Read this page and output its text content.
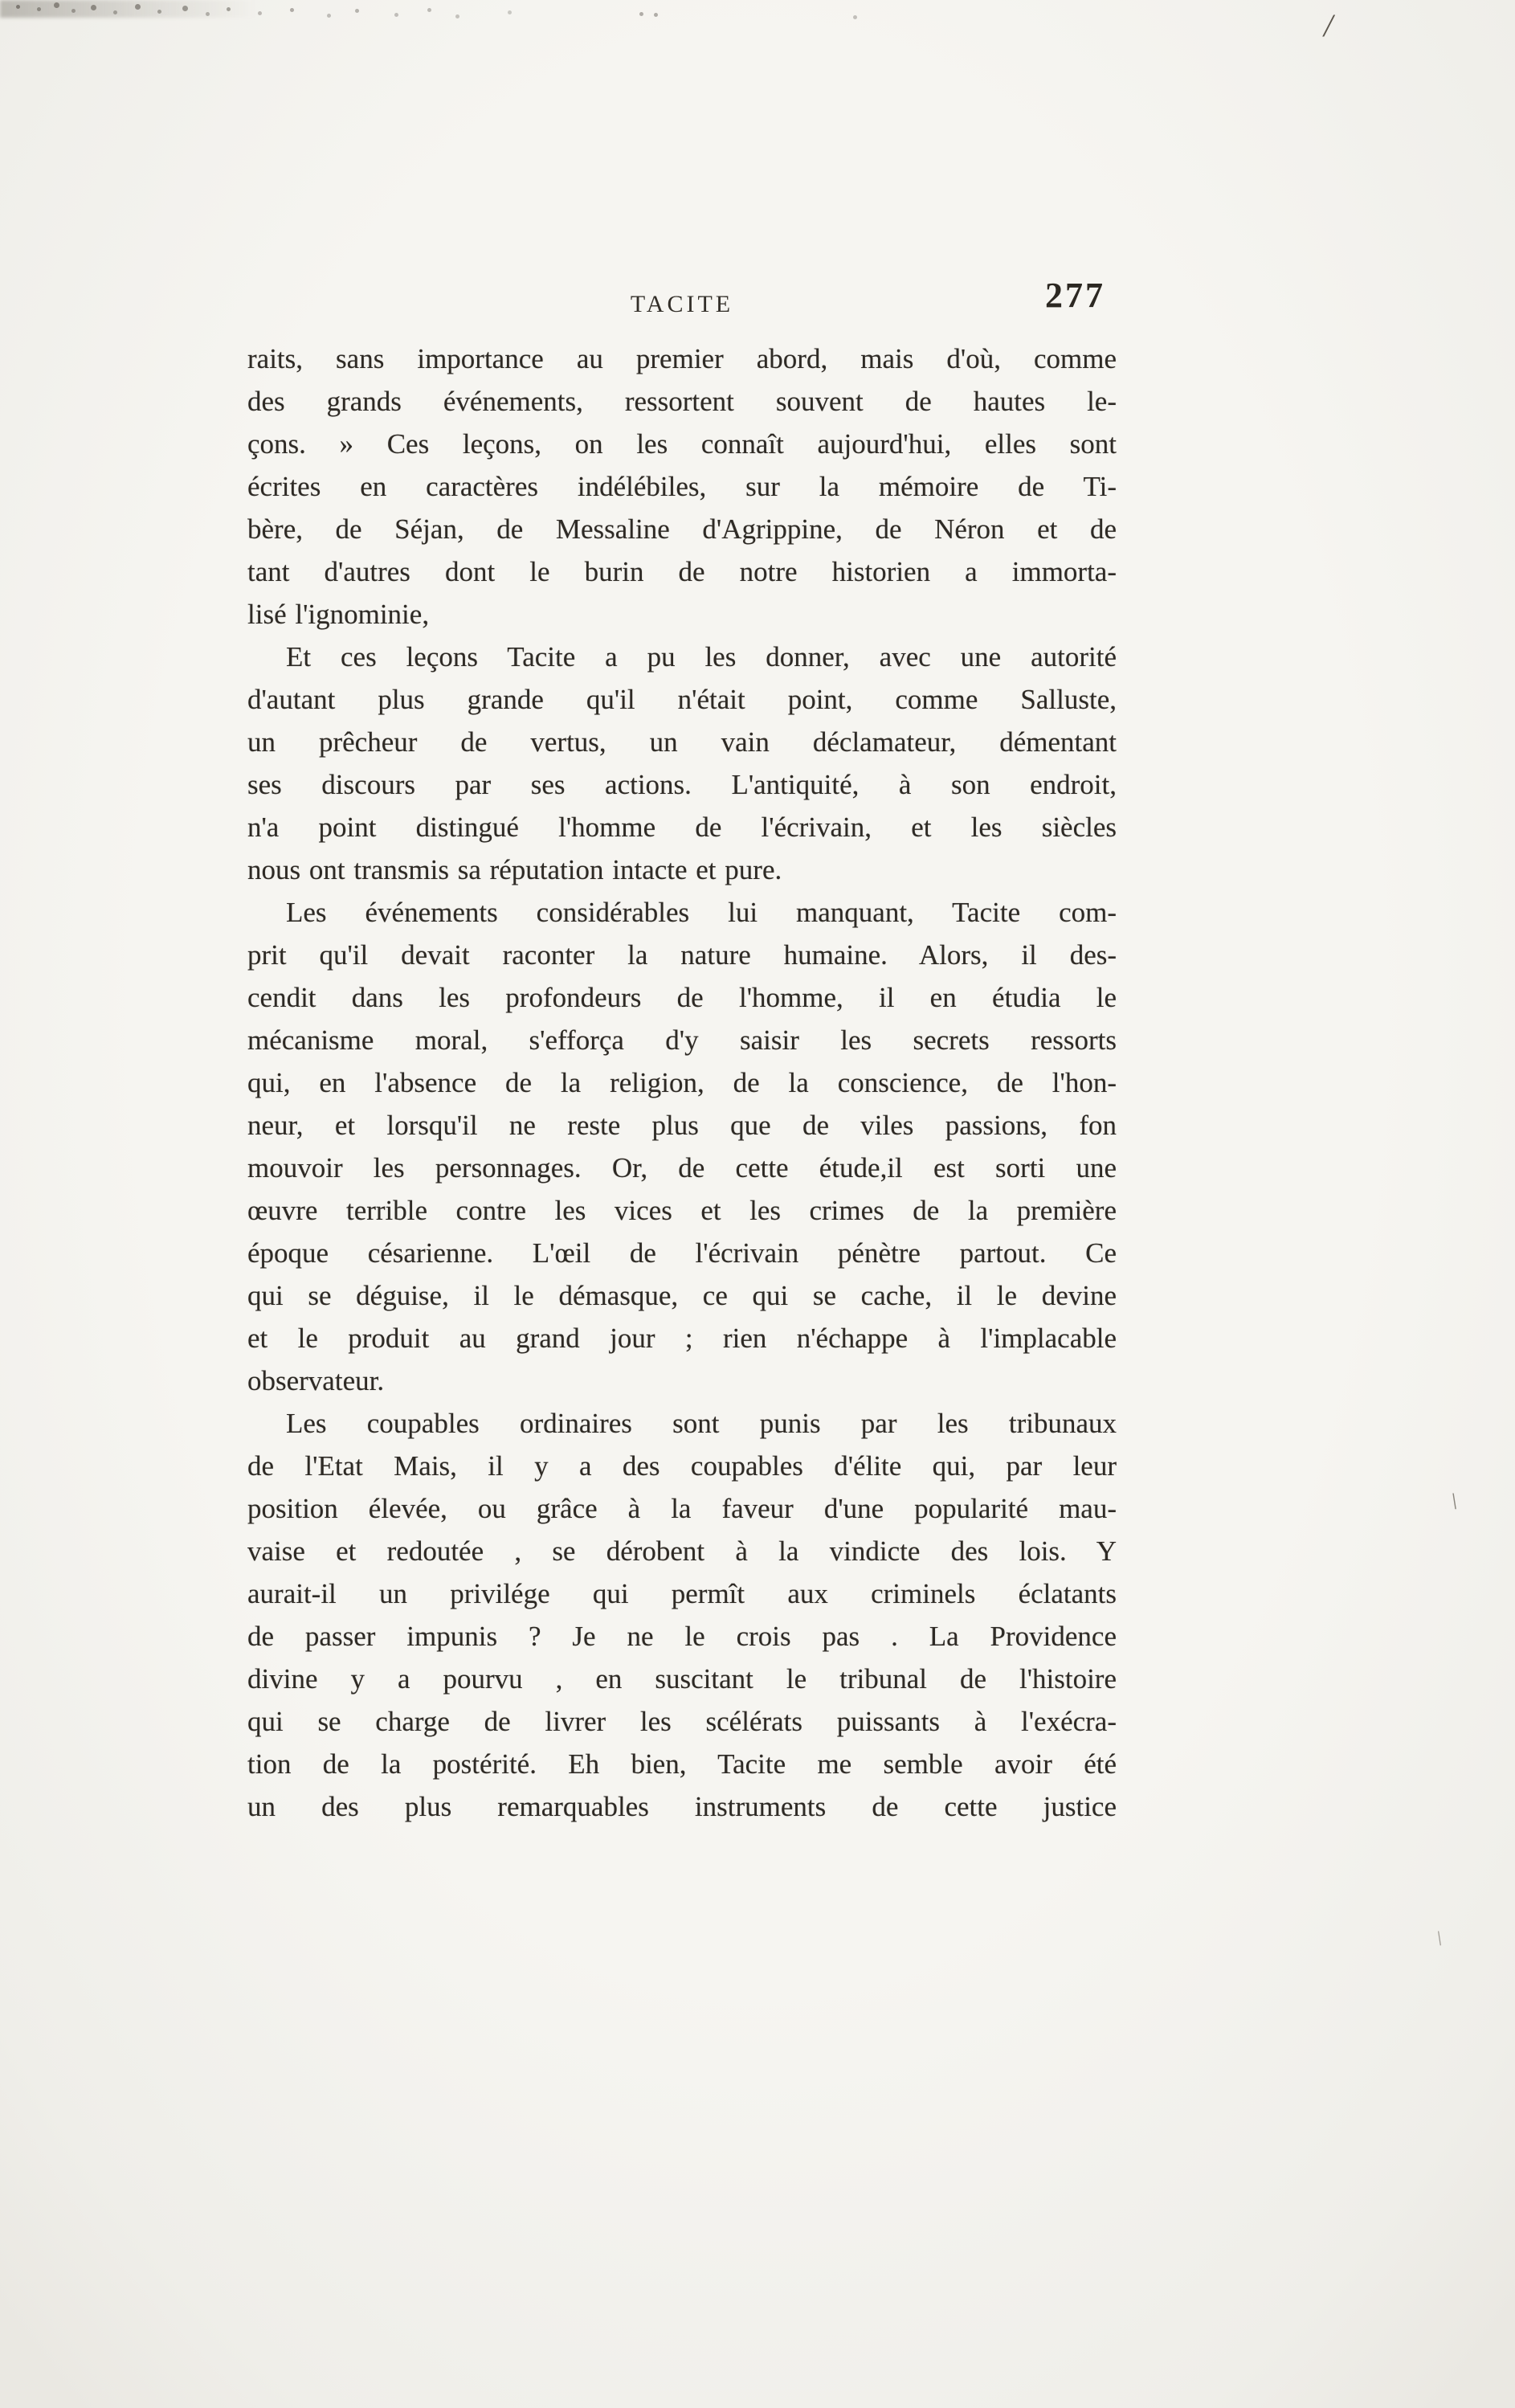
/
\
\
TACITE	277
raits, sans importance au premier abord, mais d'où, comme
des grands événements, ressortent souvent de hautes le-
çons. » Ces leçons, on les connaît aujourd'hui, elles sont
écrites en caractères indélébiles, sur la mémoire de Ti-
bère, de Séjan, de Messaline d'Agrippine, de Néron et de
tant d'autres dont le burin de notre historien a immorta-
lisé l'ignominie,
Et ces leçons Tacite a pu les donner, avec une autorité
d'autant plus grande qu'il n'était point, comme Salluste,
un prêcheur de vertus, un vain déclamateur, démentant
ses discours par ses actions. L'antiquité, à son endroit,
n'a point distingué l'homme de l'écrivain, et les siècles
nous ont transmis sa réputation intacte et pure.
Les événements considérables lui manquant, Tacite com-
prit qu'il devait raconter la nature humaine. Alors, il des-
cendit dans les profondeurs de l'homme, il en étudia le
mécanisme moral, s'efforça d'y saisir les secrets ressorts
qui, en l'absence de la religion, de la conscience, de l'hon-
neur, et lorsqu'il ne reste plus que de viles passions, fon
mouvoir les personnages. Or, de cette étude,il est sorti une
œuvre terrible contre les vices et les crimes de la première
époque césarienne. L'œil de l'écrivain pénètre partout. Ce
qui se déguise, il le démasque, ce qui se cache, il le devine
et le produit au grand jour ; rien n'échappe à l'implacable
observateur.
Les coupables ordinaires sont punis par les tribunaux
de l'Etat Mais, il y a des coupables d'élite qui, par leur
position élevée, ou grâce à la faveur d'une popularité mau-
vaise et redoutée , se dérobent à la vindicte des lois. Y
aurait-il un privilége qui permît aux criminels éclatants
de passer impunis ? Je ne le crois pas . La Providence
divine y a pourvu , en suscitant le tribunal de l'histoire
qui se charge de livrer les scélérats puissants à l'exécra-
tion de la postérité. Eh bien, Tacite me semble avoir été
un des plus remarquables instruments de cette justice
